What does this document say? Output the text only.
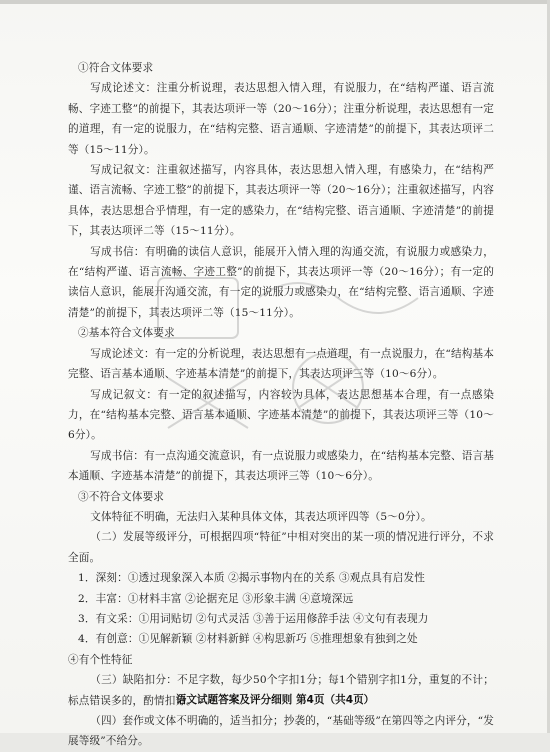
①符合文体要求

写成论述文：注重分析说理，表达思想入情入理，有说服力，在“结构严谨、语言流畅、字迹工整”的前提下，其表达项评一等（20～16分）；注重分析说理，表达思想有一定的道理，有一定的说服力，在“结构完整、语言通顺、字迹清楚”的前提下，其表达项评二等（15～11分）。

写成记叙文：注重叙述描写，内容具体，表达思想入情入理，有感染力，在“结构严谨、语言流畅、字迹工整”的前提下，其表达项评一等（20～16分）；注重叙述描写，内容具体，表达思想合乎情理，有一定的感染力，在“结构完整、语言通顺、字迹清楚”的前提下，其表达项评二等（15～11分）。

写成书信：有明确的读信人意识，能展开入情入理的沟通交流，有说服力或感染力，在“结构严谨、语言流畅、字迹工整”的前提下，其表达项评一等（20～16分）；有一定的读信人意识，能展开沟通交流，有一定的说服力或感染力，在“结构完整、语言通顺、字迹清楚”的前提下，其表达项评二等（15～11分）。

②基本符合文体要求

写成论述文：有一定的分析说理，表达思想有一点道理，有一点说服力，在“结构基本完整、语言基本通顺、字迹基本清楚”的前提下，其表达项评三等（10～6分）。

写成记叙文：有一定的叙述描写，内容较为具体，表达思想基本合理，有一点感染力，在“结构基本完整、语言基本通顺、字迹基本清楚”的前提下，其表达项评三等（10～6分）。

写成书信：有一点沟通交流意识，有一点说服力或感染力，在“结构基本完整、语言基本通顺、字迹基本清楚”的前提下，其表达项评三等（10～6分）。

③不符合文体要求

文体特征不明确，无法归入某种具体文体，其表达项评四等（5～0分）。

（二）发展等级评分，可根据四项“特征”中相对突出的某一项的情况进行评分，不求全面。

1．深刻：①透过现象深入本质 ②揭示事物内在的关系 ③观点具有启发性

2．丰富：①材料丰富 ②论据充足 ③形象丰满 ④意境深远

3．有文采：①用词贴切 ②句式灵活 ③善于运用修辞手法 ④文句有表现力

4．有创意：①见解新颖 ②材料新鲜 ④构思新巧 ⑤推理想象有独到之处

④有个性特征

（三）缺陷扣分：不足字数，每少50个字扣1分；每1个错别字扣1分，重复的不计；标点错误多的，酌情扣分。

（四）套作或文体不明确的，适当扣分；抄袭的，“基础等级”在第四等之内评分，“发展等级”不给分。

语文试题答案及评分细则 第4页（共4页）
